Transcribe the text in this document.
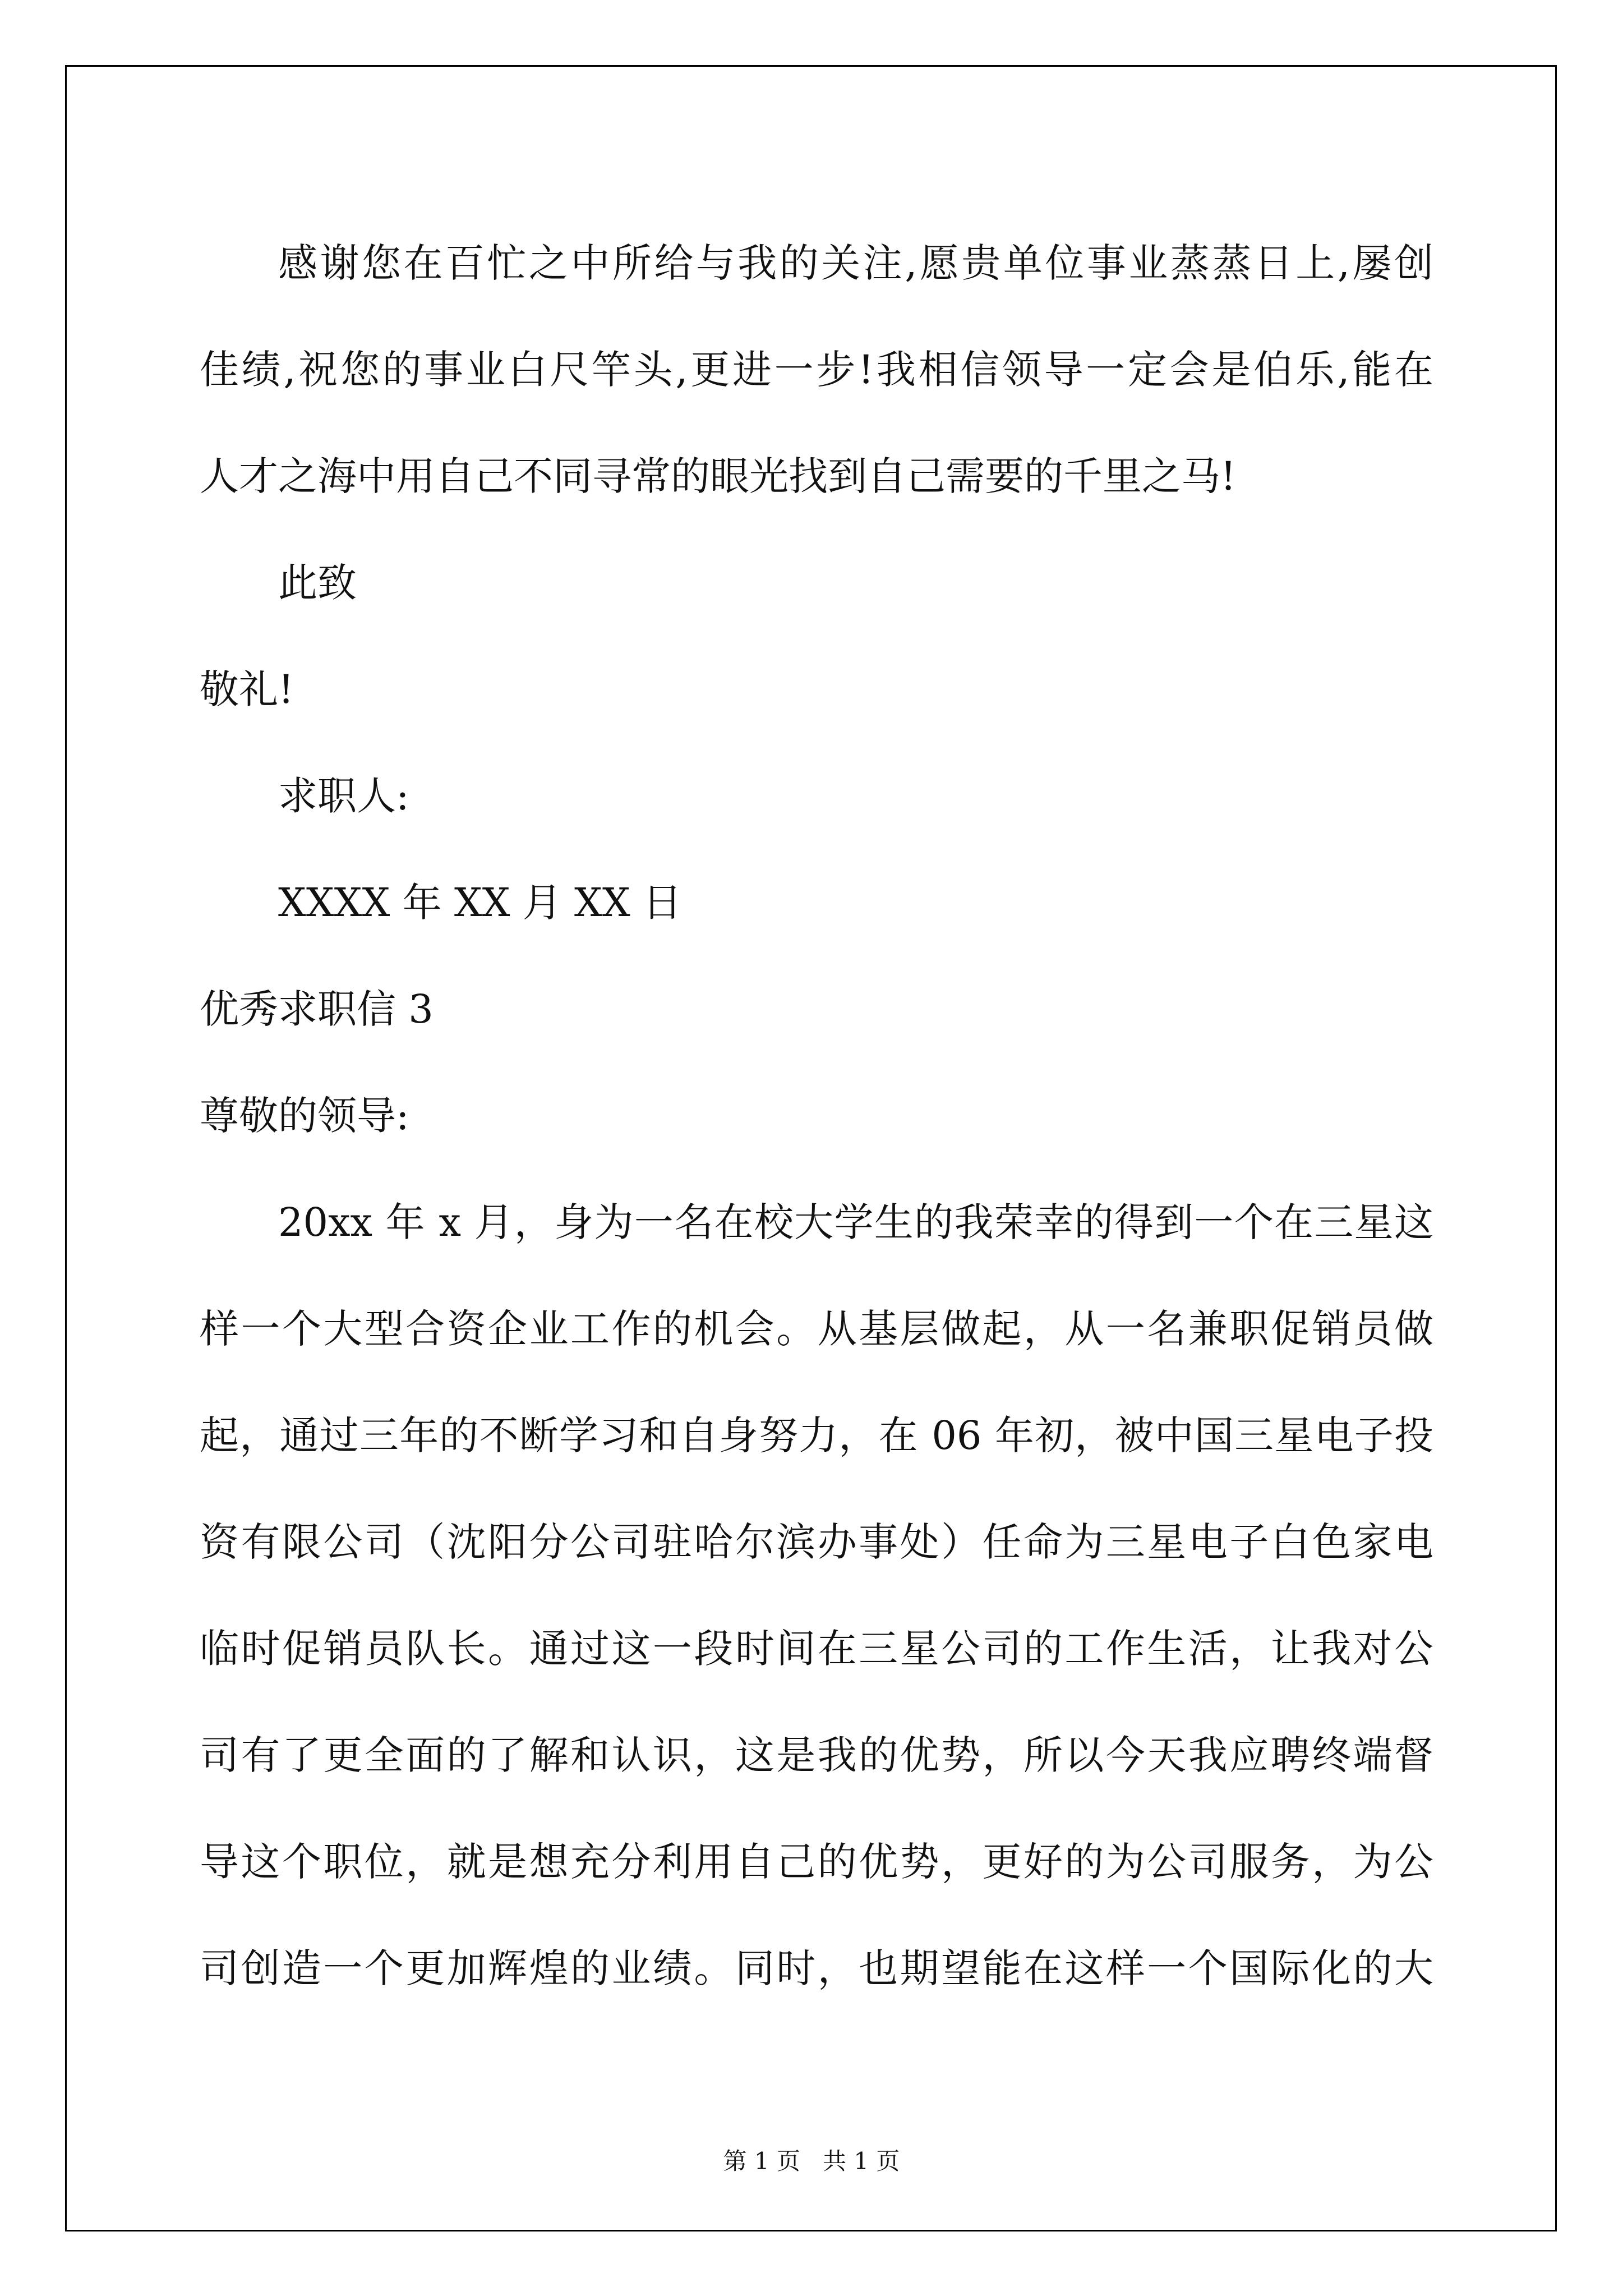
感谢您在百忙之中所给与我的关注,愿贵单位事业蒸蒸日上,屡创
佳绩,祝您的事业白尺竿头,更进一步!我相信领导一定会是伯乐,能在
人才之海中用自己不同寻常的眼光找到自己需要的千里之马!
此致
敬礼!
求职人:
XXXX 年 XX 月 XX 日
优秀求职信 3
尊敬的领导:
20xx 年 x 月，身为一名在校大学生的我荣幸的得到一个在三星这
样一个大型合资企业工作的机会。从基层做起，从一名兼职促销员做
起，通过三年的不断学习和自身努力，在 06 年初，被中国三星电子投
资有限公司（沈阳分公司驻哈尔滨办事处）任命为三星电子白色家电
临时促销员队长。通过这一段时间在三星公司的工作生活，让我对公
司有了更全面的了解和认识，这是我的优势，所以今天我应聘终端督
导这个职位，就是想充分利用自己的优势，更好的为公司服务，为公
司创造一个更加辉煌的业绩。同时，也期望能在这样一个国际化的大
第 1 页 共 1 页
